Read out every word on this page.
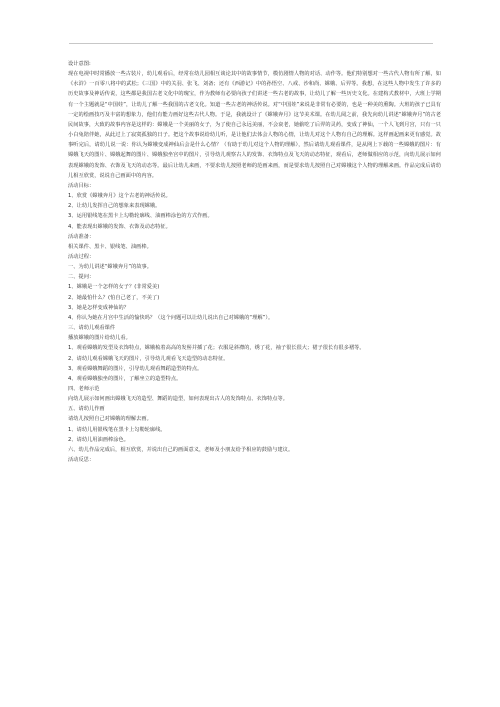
设计意图:

现在电视中时常播放一些古装片，幼儿观看后，经常在幼儿园相互谈论其中的故事情节，模仿剧情人物的对话、动作等。他们特别想对一些古代人物有所了解，如《水浒》一百零八将中的武松；《三国》中的关羽、张飞、刘备；还有《西游记》中的孙悟空、八戒、沙和尚、嫦娥、后羿等。我想，在这些人物中发生了许多的历史故事及神话传说，这些都是我国古老文化中的瑰宝，作为教师有必要向孩子们讲述一些古老的故事，让幼儿了解一些历史文化。在建构式教材中，大班上学期有一个主题就是“中国娃”，让幼儿了解一些我国的古老文化。知道一些古老的神话传说。对“中国娃”来说是非常有必要的，也是一种美的熏陶。大班的孩子已具有一定的绘画技巧及丰富的想象力，他们有能力画好这些古代人物。于是，我就设计了《嫦娥奔月》这节美术课。在幼儿阅之前，我先向幼儿讲述“嫦娥奔月”的古老民间故事，大致的故事内容是这样的：嫦娥是一个美丽的女子，为了使自己永远美丽，不会衰老，她偷吃了后羿的灵药，变成了神仙，一个人飞到月宫，只有一只小白兔陪伴她，从此过上了寂寞孤独的日子。把这个故事说给幼儿听，是让他们去体会人物的心情，让幼儿对这个人物有自己的理解。这样画起画来更有感觉。故事听完后，请幼儿说一说：你认为嫦娥变成神仙后会是什么心情？（有助于幼儿对这个人物的理解），然后请幼儿观看课件，是从网上下载的一些嫦娥的图片：有嫦娥飞天的图片、嫦娥起舞的图片、嫦娥独坐宫中的图片，引导幼儿观察古人的发饰、衣饰特点及飞天的动态特征，观看后，老师做相应的示范，向幼儿展示如何表现嫦娥的发饰、衣饰及飞天的动态等。最后让幼儿来画，不要求幼儿按照老师的范画来画，而是要求幼儿按照自己对嫦娥这个人物的理解来画。作品完成后请幼儿相互欣赏，说说自己画面中的内容。

活动目标：

1、欣赏《嫦娥奔月》这个古老的神话传说。

2、让幼儿发挥自己的想象来表现嫦娥。

3、运用银线笔在黑卡上勾勒轮廓线、油画棒涂色的方式作画。

4、能表现出嫦娥的发饰、衣饰及动态特征。

活动准备：

相关课件、黑卡、银线笔、油画棒。

活动过程：

一、为幼儿讲述“嫦娥奔月”的故事。

二、提问：

1、嫦娥是一个怎样的女子？(非常爱美)

2、她最怕什么？(怕自己老了，不美了)

3、她是怎样变成神仙的？

4、你认为她在月宫中生活的愉快吗？（这个问题可以让幼儿说出自己对嫦娥的“理解”）。

三、请幼儿观看课件

播放嫦娥的图片给幼儿看。

1、观看嫦娥的发型及衣饰特点，嫦娥梳着高高的发髻并插了花；衣服是斜襟的，绣了花，袖子很长很大；裙子很长有很多褶等。

2、请幼儿观看嫦娥飞天的图片，引导幼儿观看飞天造型的动态特征。

3、观看嫦娥舞蹈的图片，引导幼儿观看舞蹈造型的特点。

4、观看嫦娥独坐的图片，了解坐立的造型特点。

四、老师示范

向幼儿展示如何画出嫦娥飞天的造型、舞蹈的造型，如何表现出古人的发饰特点、衣饰特点等。

五、请幼儿作画

请幼儿按照自己对嫦娥的理解去画。

1、请幼儿用银线笔在黑卡上勾勒轮廓线。

2、请幼儿用油画棒涂色。

六、幼儿作品完成后，相互欣赏，并说出自己的画面意义，老师及小朋友给予相应的鼓励与建议。

活动反思：
